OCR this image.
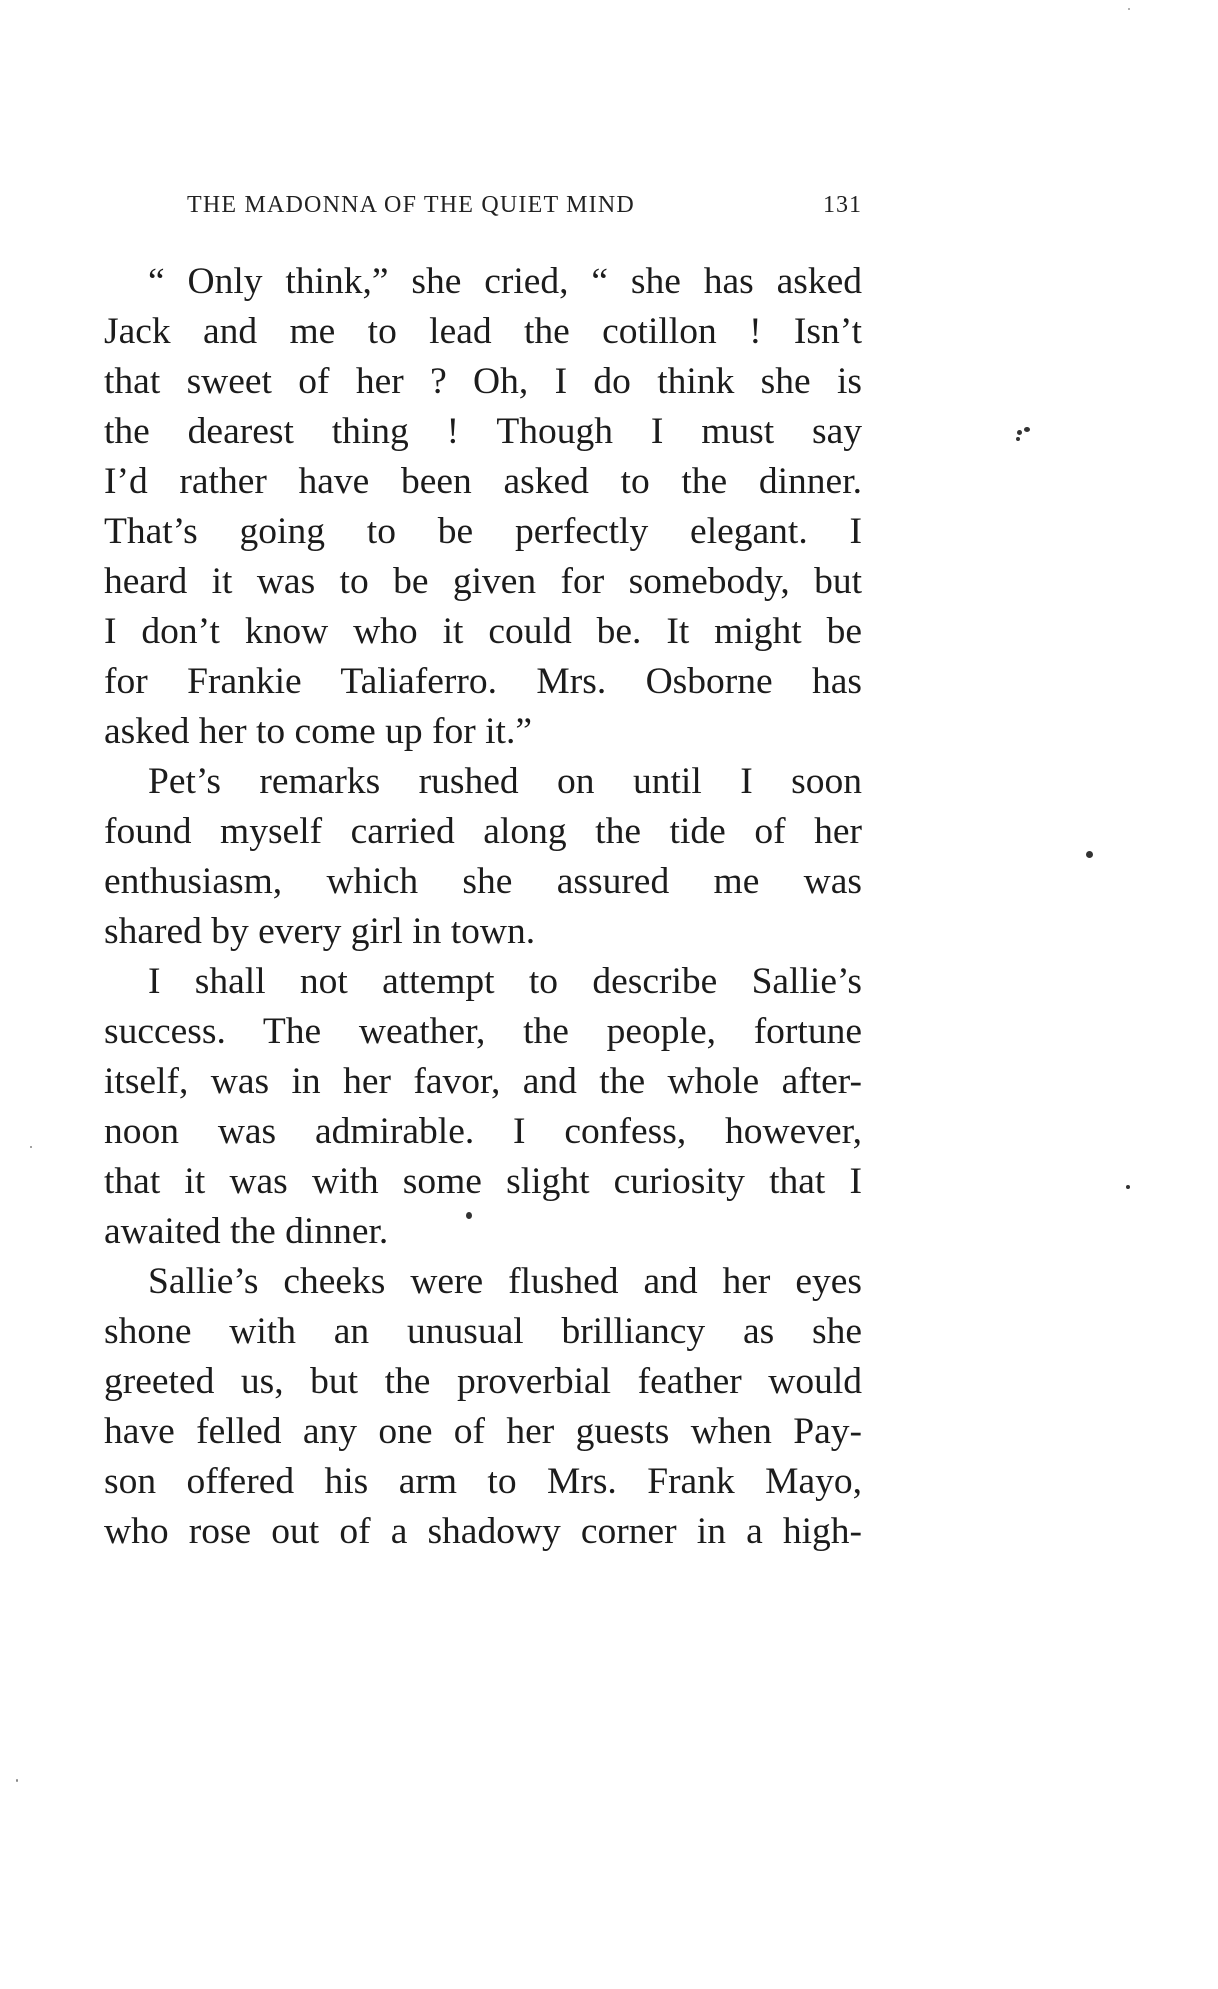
THE MADONNA OF THE QUIET MIND	131
“ Only think,” she cried, “ she has asked
Jack and me to lead the cotillon ! Isn’t
that sweet of her ? Oh, I do think she is
the dearest thing ! Though I must say
I’d rather have been asked to the dinner.
That’s going to be perfectly elegant. I
heard it was to be given for somebody, but
I don’t know who it could be. It might be
for Frankie Taliaferro. Mrs. Osborne has
asked her to come up for it.”
Pet’s remarks rushed on until I soon
found myself carried along the tide of her
enthusiasm, which she assured me was
shared by every girl in town.
I shall not attempt to describe Sallie’s
success. The weather, the people, fortune
itself, was in her favor, and the whole after-
noon was admirable. I confess, however,
that it was with some slight curiosity that I
awaited the dinner.
Sallie’s cheeks were flushed and her eyes
shone with an unusual brilliancy as she
greeted us, but the proverbial feather would
have felled any one of her guests when Pay-
son offered his arm to Mrs. Frank Mayo,
who rose out of a shadowy corner in a high-
